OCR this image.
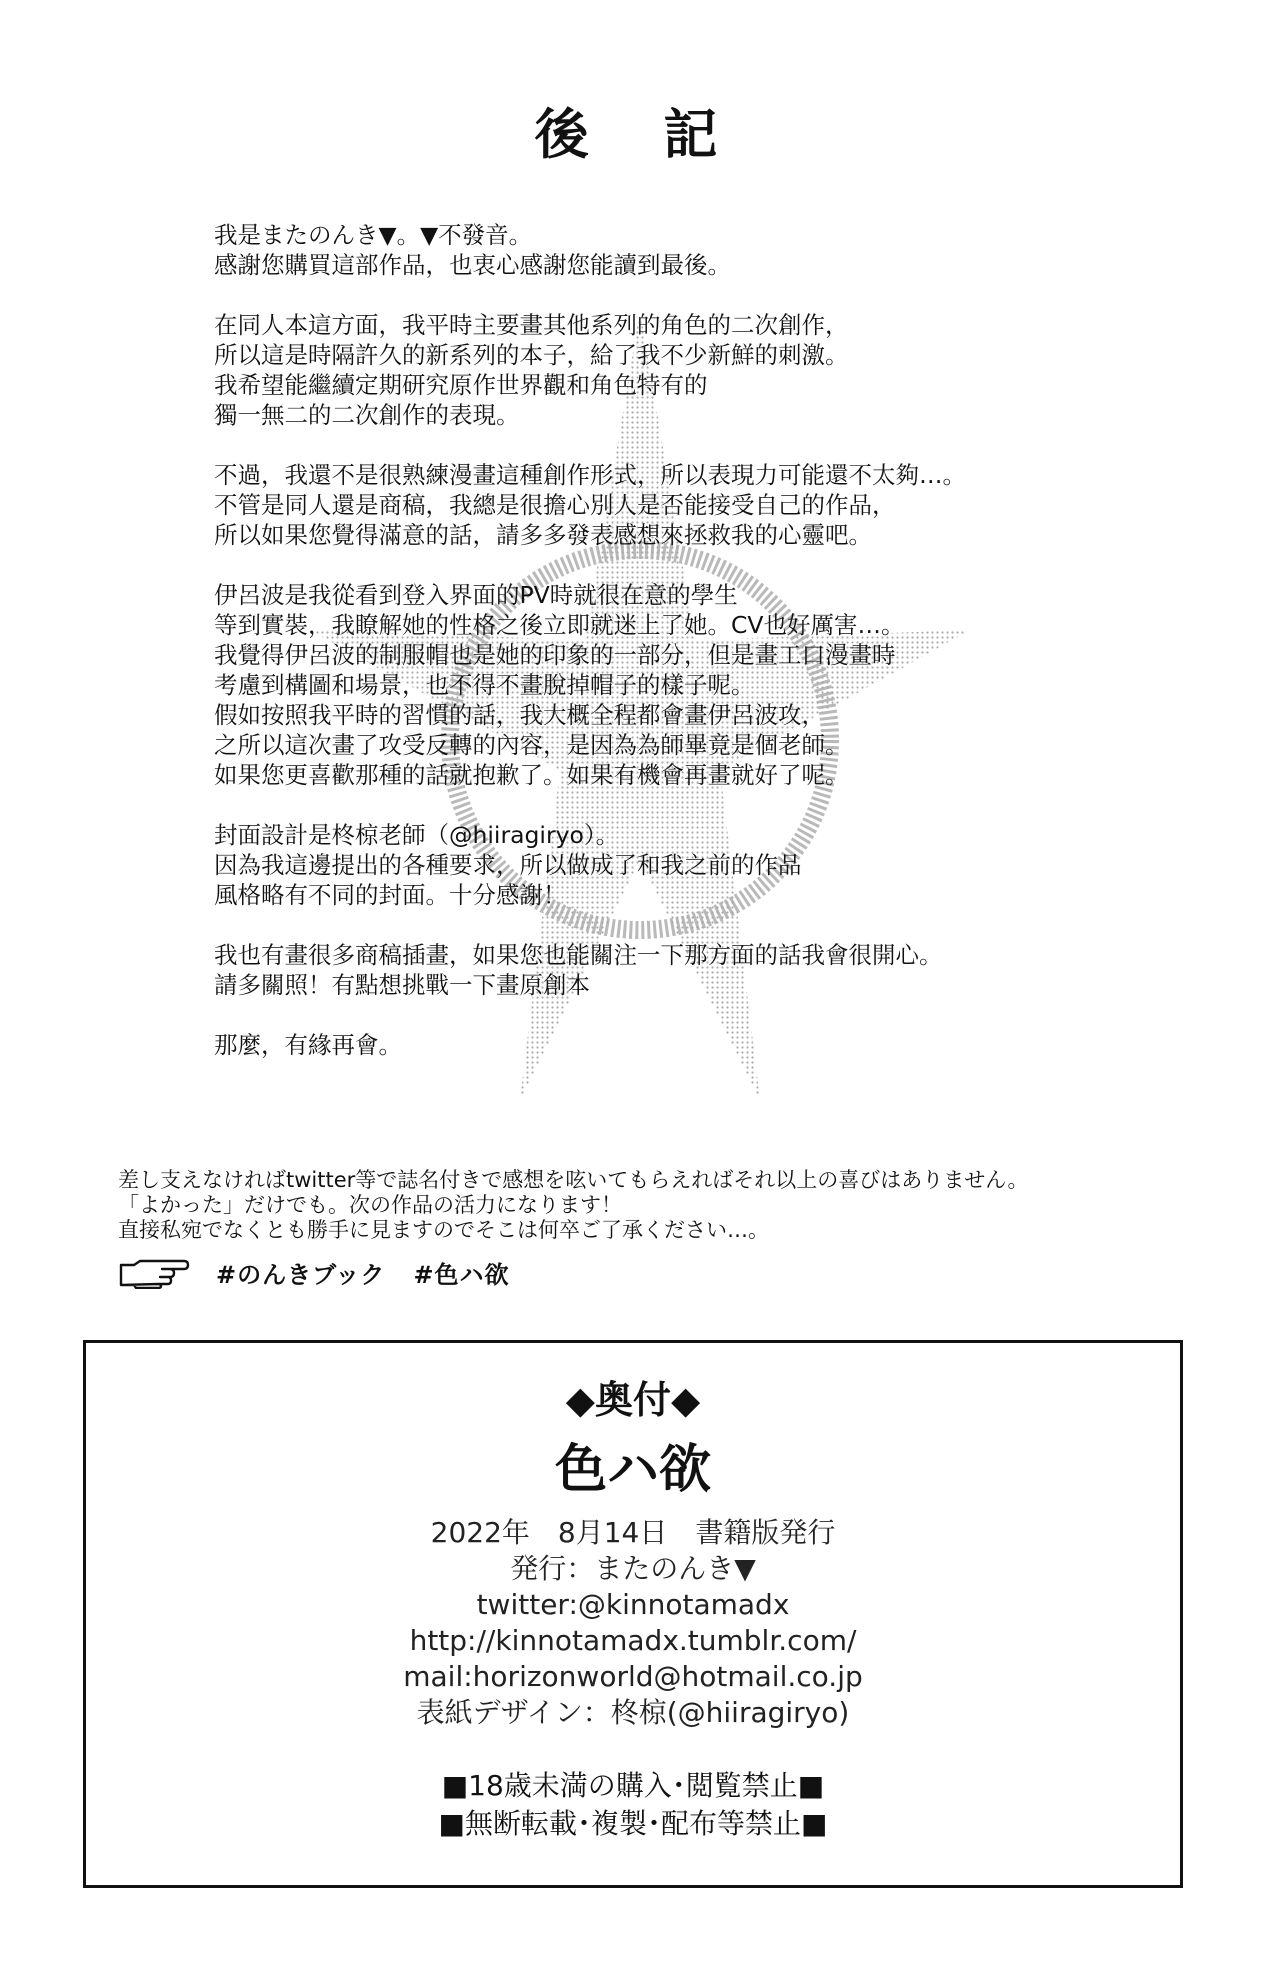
後 記
我是またのんき▼。▼不發音。
感謝您購買這部作品，也衷心感謝您能讀到最後。
在同人本這方面，我平時主要畫其他系列的角色的二次創作，
所以這是時隔許久的新系列的本子，給了我不少新鮮的刺激。
我希望能繼續定期研究原作世界觀和角色特有的
獨一無二的二次創作的表現。
不過，我還不是很熟練漫畫這種創作形式，所以表現力可能還不太夠…。
不管是同人還是商稿，我總是很擔心別人是否能接受自己的作品，
所以如果您覺得滿意的話，請多多發表感想來拯救我的心靈吧。
伊呂波是我從看到登入界面的PV時就很在意的學生
等到實裝，我瞭解她的性格之後立即就迷上了她。CV也好厲害…。
我覺得伊呂波的制服帽也是她的印象的一部分，但是畫工口漫畫時
考慮到構圖和場景，也不得不畫脫掉帽子的樣子呢。
假如按照我平時的習慣的話，我大概全程都會畫伊呂波攻，
之所以這次畫了攻受反轉的內容，是因為為師畢竟是個老師。
如果您更喜歡那種的話就抱歉了。如果有機會再畫就好了呢。
封面設計是柊椋老師（@hiiragiryo）。
因為我這邊提出的各種要求，所以做成了和我之前的作品
風格略有不同的封面。十分感謝！
我也有畫很多商稿插畫，如果您也能關注一下那方面的話我會很開心。
請多關照！有點想挑戰一下畫原創本
那麼，有緣再會。
差し支えなければtwitter等で誌名付きで感想を呟いてもらえればそれ以上の喜びはありません。
「よかった」だけでも。次の作品の活力になります！
直接私宛でなくとも勝手に見ますのでそこは何卒ご了承ください…。
#のんきブック #色ハ欲
◆奥付◆
色ハ欲
2022年　8月14日　書籍版発行
発行：またのんき▼
twitter:@kinnotamadx
http://kinnotamadx.tumblr.com/
mail:horizonworld@hotmail.co.jp
表紙デザイン：柊椋(@hiiragiryo)
■18歳未満の購入･閲覧禁止■
■無断転載･複製･配布等禁止■
